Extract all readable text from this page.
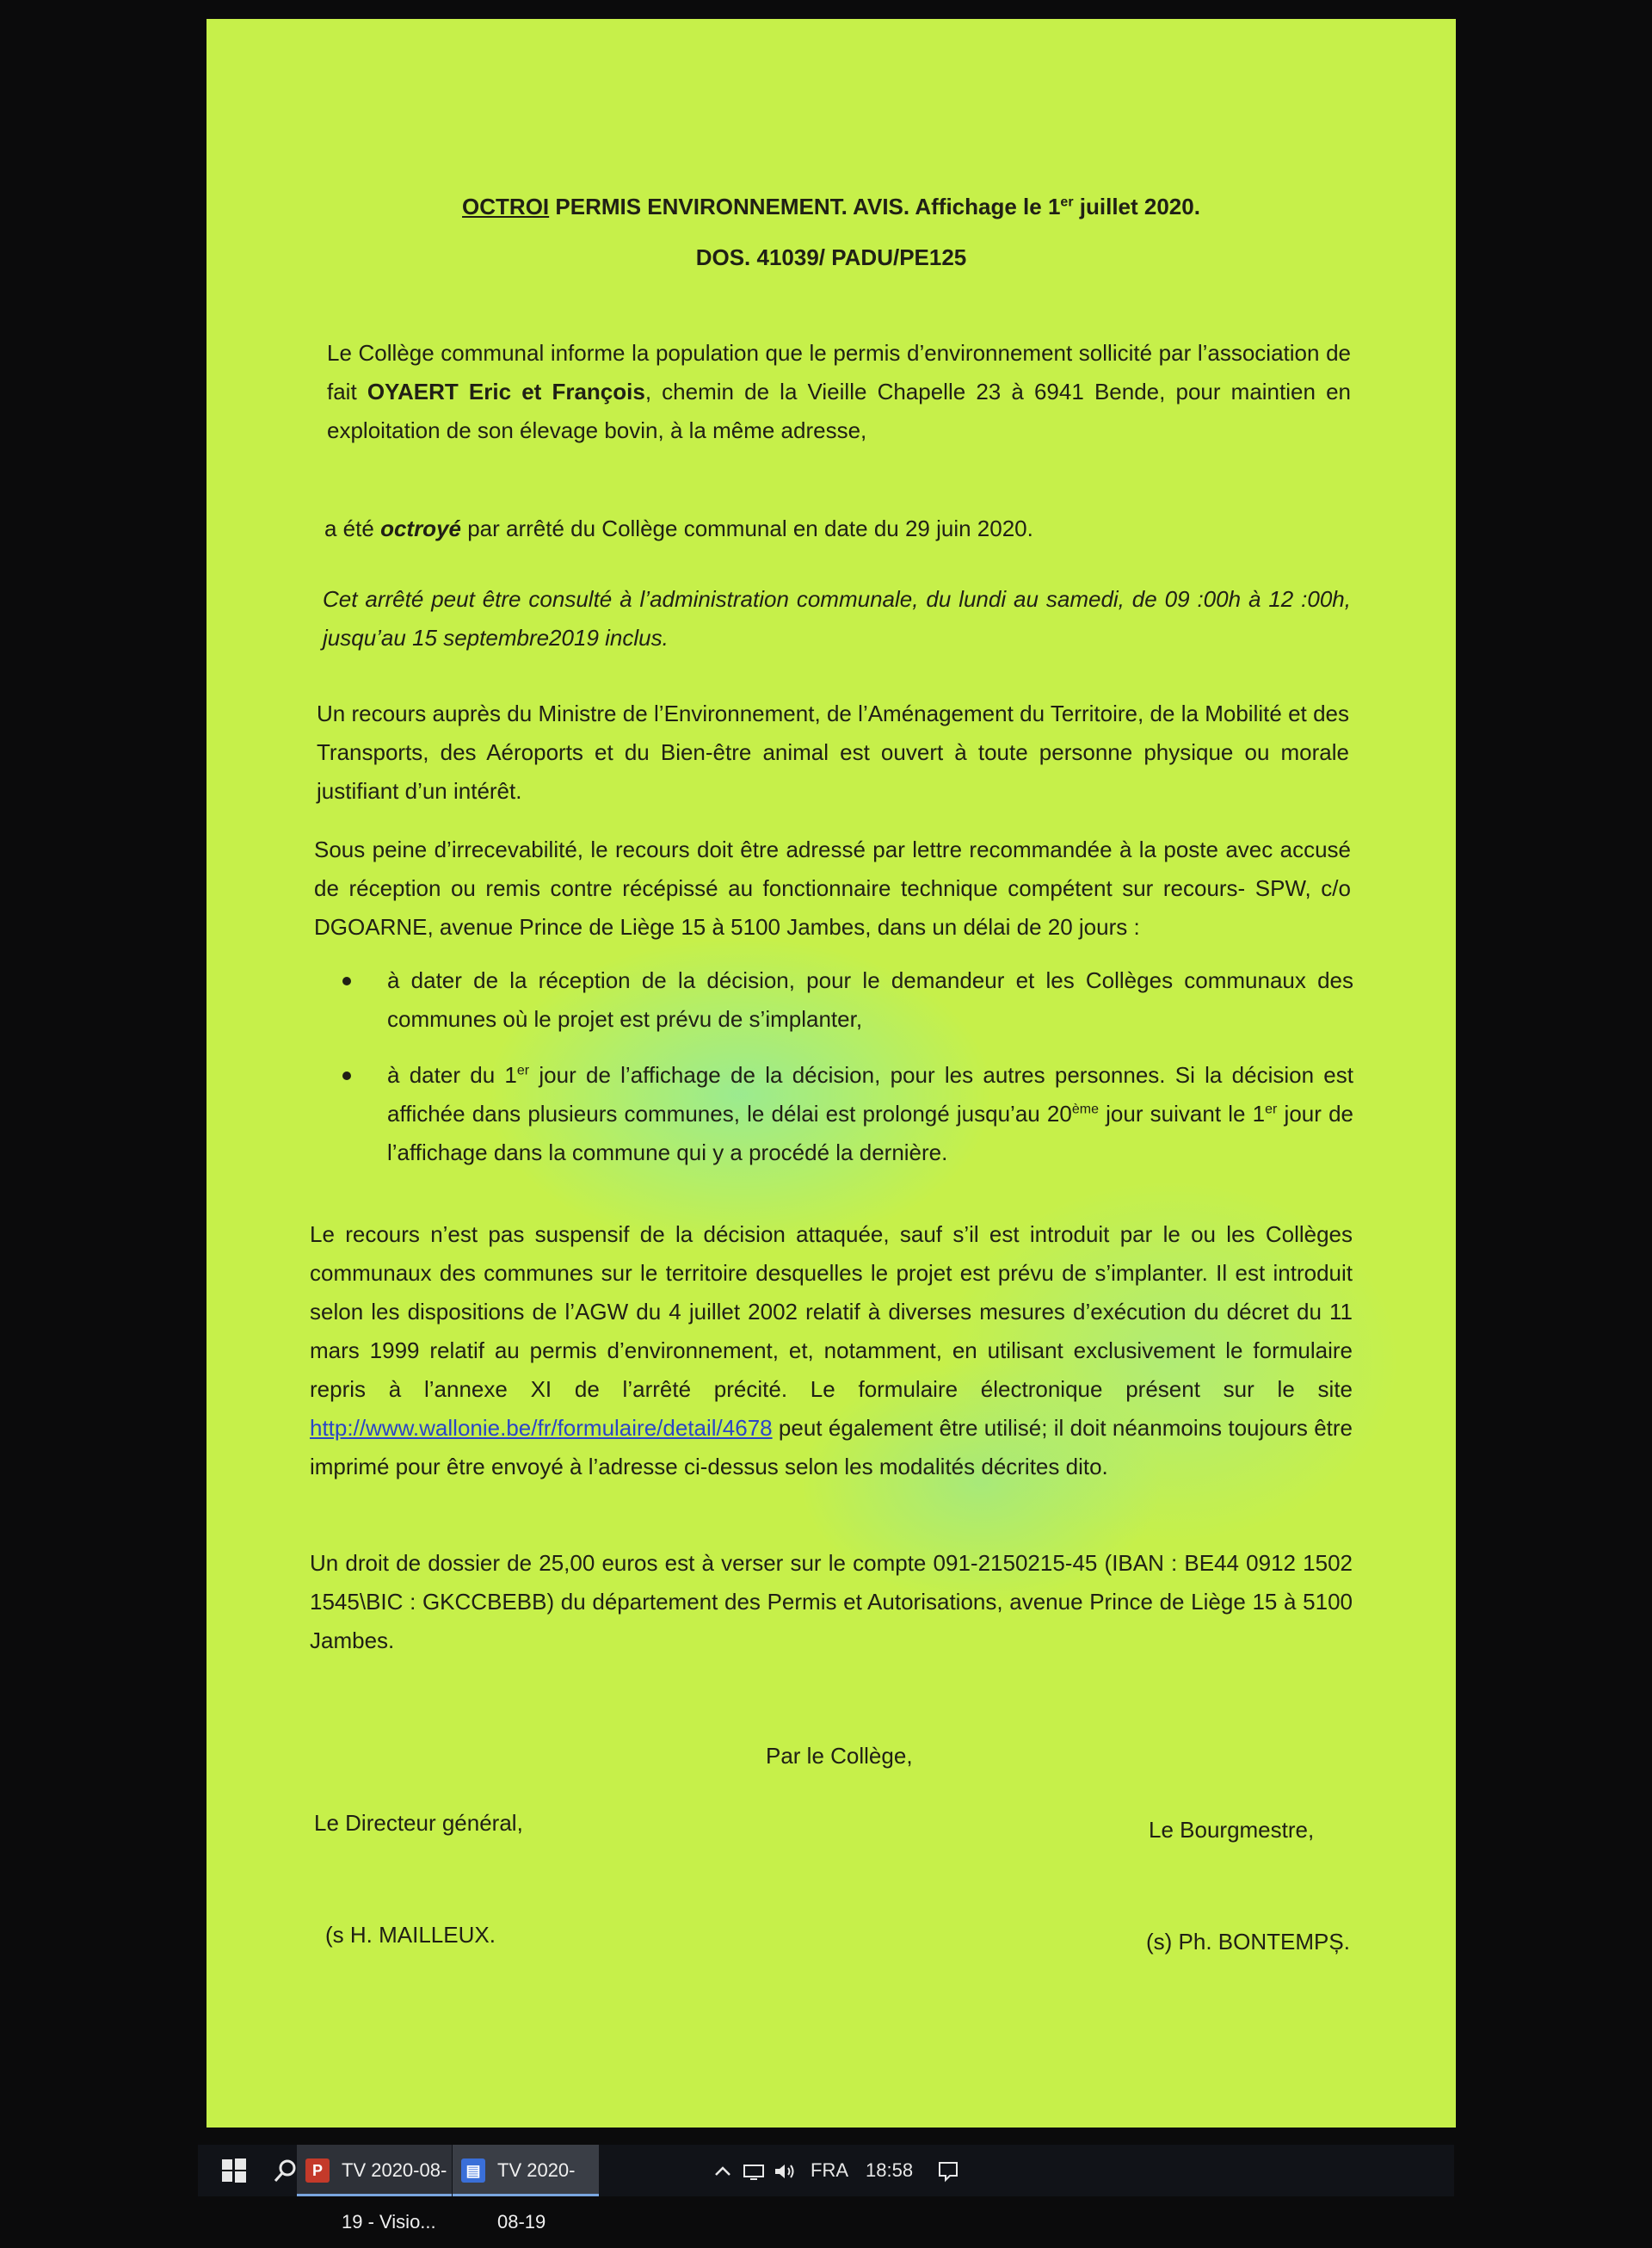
OCTROI PERMIS ENVIRONNEMENT. AVIS. Affichage le 1er juillet 2020.
DOS. 41039/ PADU/PE125
Le Collège communal informe la population que le permis d’environnement sollicité par l’association de fait OYAERT Eric et François, chemin de la Vieille Chapelle 23 à 6941 Bende, pour maintien en exploitation de son élevage bovin, à la même adresse,
a été octroyé par arrêté du Collège communal en date du 29 juin 2020.
Cet arrêté peut être consulté à l’administration communale, du lundi au samedi, de 09 :00h à 12 :00h, jusqu’au 15 septembre2019 inclus.
Un recours auprès du Ministre de l’Environnement, de l’Aménagement du Territoire, de la Mobilité et des Transports, des Aéroports et du Bien-être animal est ouvert à toute personne physique ou morale justifiant d’un intérêt.
Sous peine d’irrecevabilité, le recours doit être adressé par lettre recommandée à la poste avec accusé de réception ou remis contre récépissé au fonctionnaire technique compétent sur recours- SPW, c/o DGOARNE, avenue Prince de Liège 15 à 5100 Jambes, dans un délai de 20 jours :
à dater de la réception de la décision, pour le demandeur et les Collèges communaux des communes où le projet est prévu de s’implanter,
à dater du 1er jour de l’affichage de la décision, pour les autres personnes. Si la décision est affichée dans plusieurs communes, le délai est prolongé jusqu’au 20ème jour suivant le 1er jour de l’affichage dans la commune qui y a procédé la dernière.
Le recours n’est pas suspensif de la décision attaquée, sauf s’il est introduit par le ou les Collèges communaux des communes sur le territoire desquelles le projet est prévu de s’implanter. Il est introduit selon les dispositions de l’AGW du 4 juillet 2002 relatif à diverses mesures d’exécution du décret du 11 mars 1999 relatif au permis d’environnement, et, notamment, en utilisant exclusivement le formulaire repris à l’annexe XI de l’arrêté précité. Le formulaire électronique présent sur le site http://www.wallonie.be/fr/formulaire/detail/4678 peut également être utilisé; il doit néanmoins toujours être imprimé pour être envoyé à l’adresse ci-dessus selon les modalités décrites dito.
Un droit de dossier de 25,00 euros est à verser sur le compte 091-2150215-45 (IBAN : BE44 0912 1502 1545\BIC : GKCCBEBB) du département des Permis et Autorisations, avenue Prince de Liège 15 à 5100 Jambes.
Par le Collège,
Le Directeur général,	Le Bourgmestre,
(s H. MAILLEUX.	(s) Ph. BONTEMPȘ.
P	TV 2020-08-19 - Visio...
▤ TV 2020-08-19
FRA 18:58
